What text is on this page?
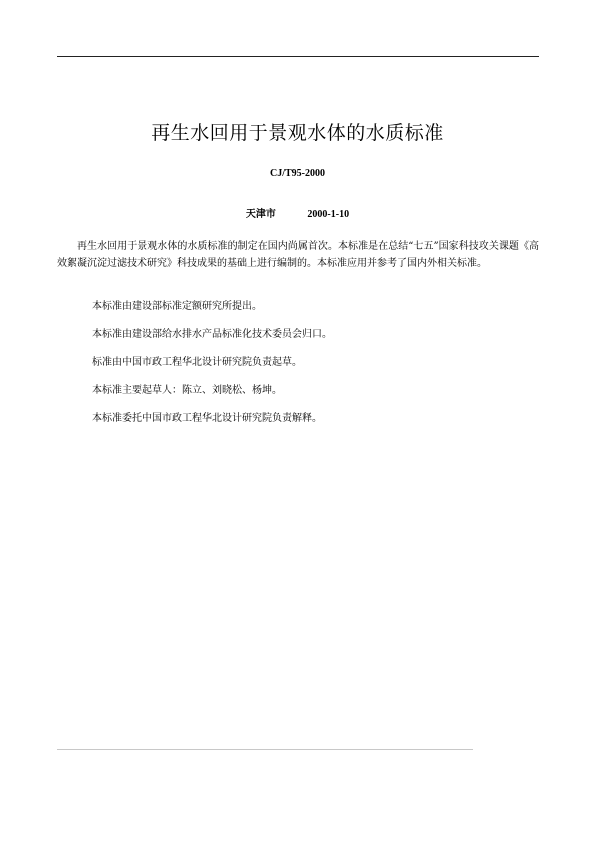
再生水回用于景观水体的水质标准
CJ/T95-2000
天津市	2000-1-10

再生水回用于景观水体的水质标准的制定在国内尚属首次。本标准是在总结“七五”国家科技攻关课题《高效絮凝沉淀过滤技术研究》科技成果的基础上进行编制的。本标准应用并参考了国内外相关标准。

本标准由建设部标准定额研究所提出。

本标准由建设部给水排水产品标准化技术委员会归口。

标准由中国市政工程华北设计研究院负责起草。

本标准主要起草人：陈立、刘晓松、杨坤。

本标准委托中国市政工程华北设计研究院负责解释。
